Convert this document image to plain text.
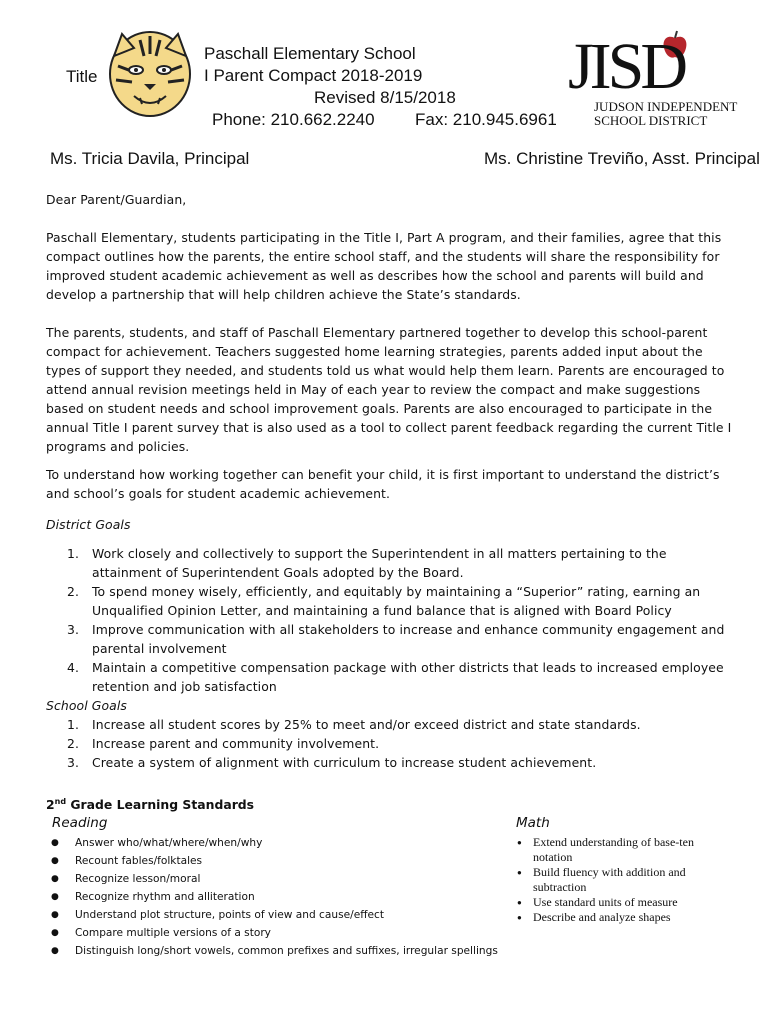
Title
Paschall Elementary School
I Parent Compact 2018-2019
Revised 8/15/2018
Phone: 210.662.2240 Fax: 210.945.6961
JISD
JUDSON INDEPENDENT
SCHOOL DISTRICT
Ms. Tricia Davila, Principal	Ms. Christine Treviño, Asst. Principal

Dear Parent/Guardian,

Paschall Elementary, students participating in the Title I, Part A program, and their families, agree that this compact outlines how the parents, the entire school staff, and the students will share the responsibility for improved student academic achievement as well as describes how the school and parents will build and develop a partnership that will help children achieve the State’s standards.

The parents, students, and staff of Paschall Elementary partnered together to develop this school-parent compact for achievement. Teachers suggested home learning strategies, parents added input about the types of support they needed, and students told us what would help them learn. Parents are encouraged to attend annual revision meetings held in May of each year to review the compact and make suggestions based on student needs and school improvement goals. Parents are also encouraged to participate in the annual Title I parent survey that is also used as a tool to collect parent feedback regarding the current Title I programs and policies.

To understand how working together can benefit your child, it is first important to understand the district’s and school’s goals for student academic achievement.

District Goals

1. Work closely and collectively to support the Superintendent in all matters pertaining to the attainment of Superintendent Goals adopted by the Board.
2. To spend money wisely, efficiently, and equitably by maintaining a “Superior” rating, earning an Unqualified Opinion Letter, and maintaining a fund balance that is aligned with Board Policy
3. Improve communication with all stakeholders to increase and enhance community engagement and parental involvement
4. Maintain a competitive compensation package with other districts that leads to increased employee retention and job satisfaction

School Goals

1. Increase all student scores by 25% to meet and/or exceed district and state standards.
2. Increase parent and community involvement.
3. Create a system of alignment with curriculum to increase student achievement.
2nd Grade Learning Standards
Reading
● Answer who/what/where/when/why
● Recount fables/folktales
● Recognize lesson/moral
● Recognize rhythm and alliteration
● Understand plot structure, points of view and cause/effect
● Compare multiple versions of a story
● Distinguish long/short vowels, common prefixes and suffixes, irregular spellings
Math
● Extend understanding of base-ten notation
● Build fluency with addition and subtraction
● Use standard units of measure
● Describe and analyze shapes
